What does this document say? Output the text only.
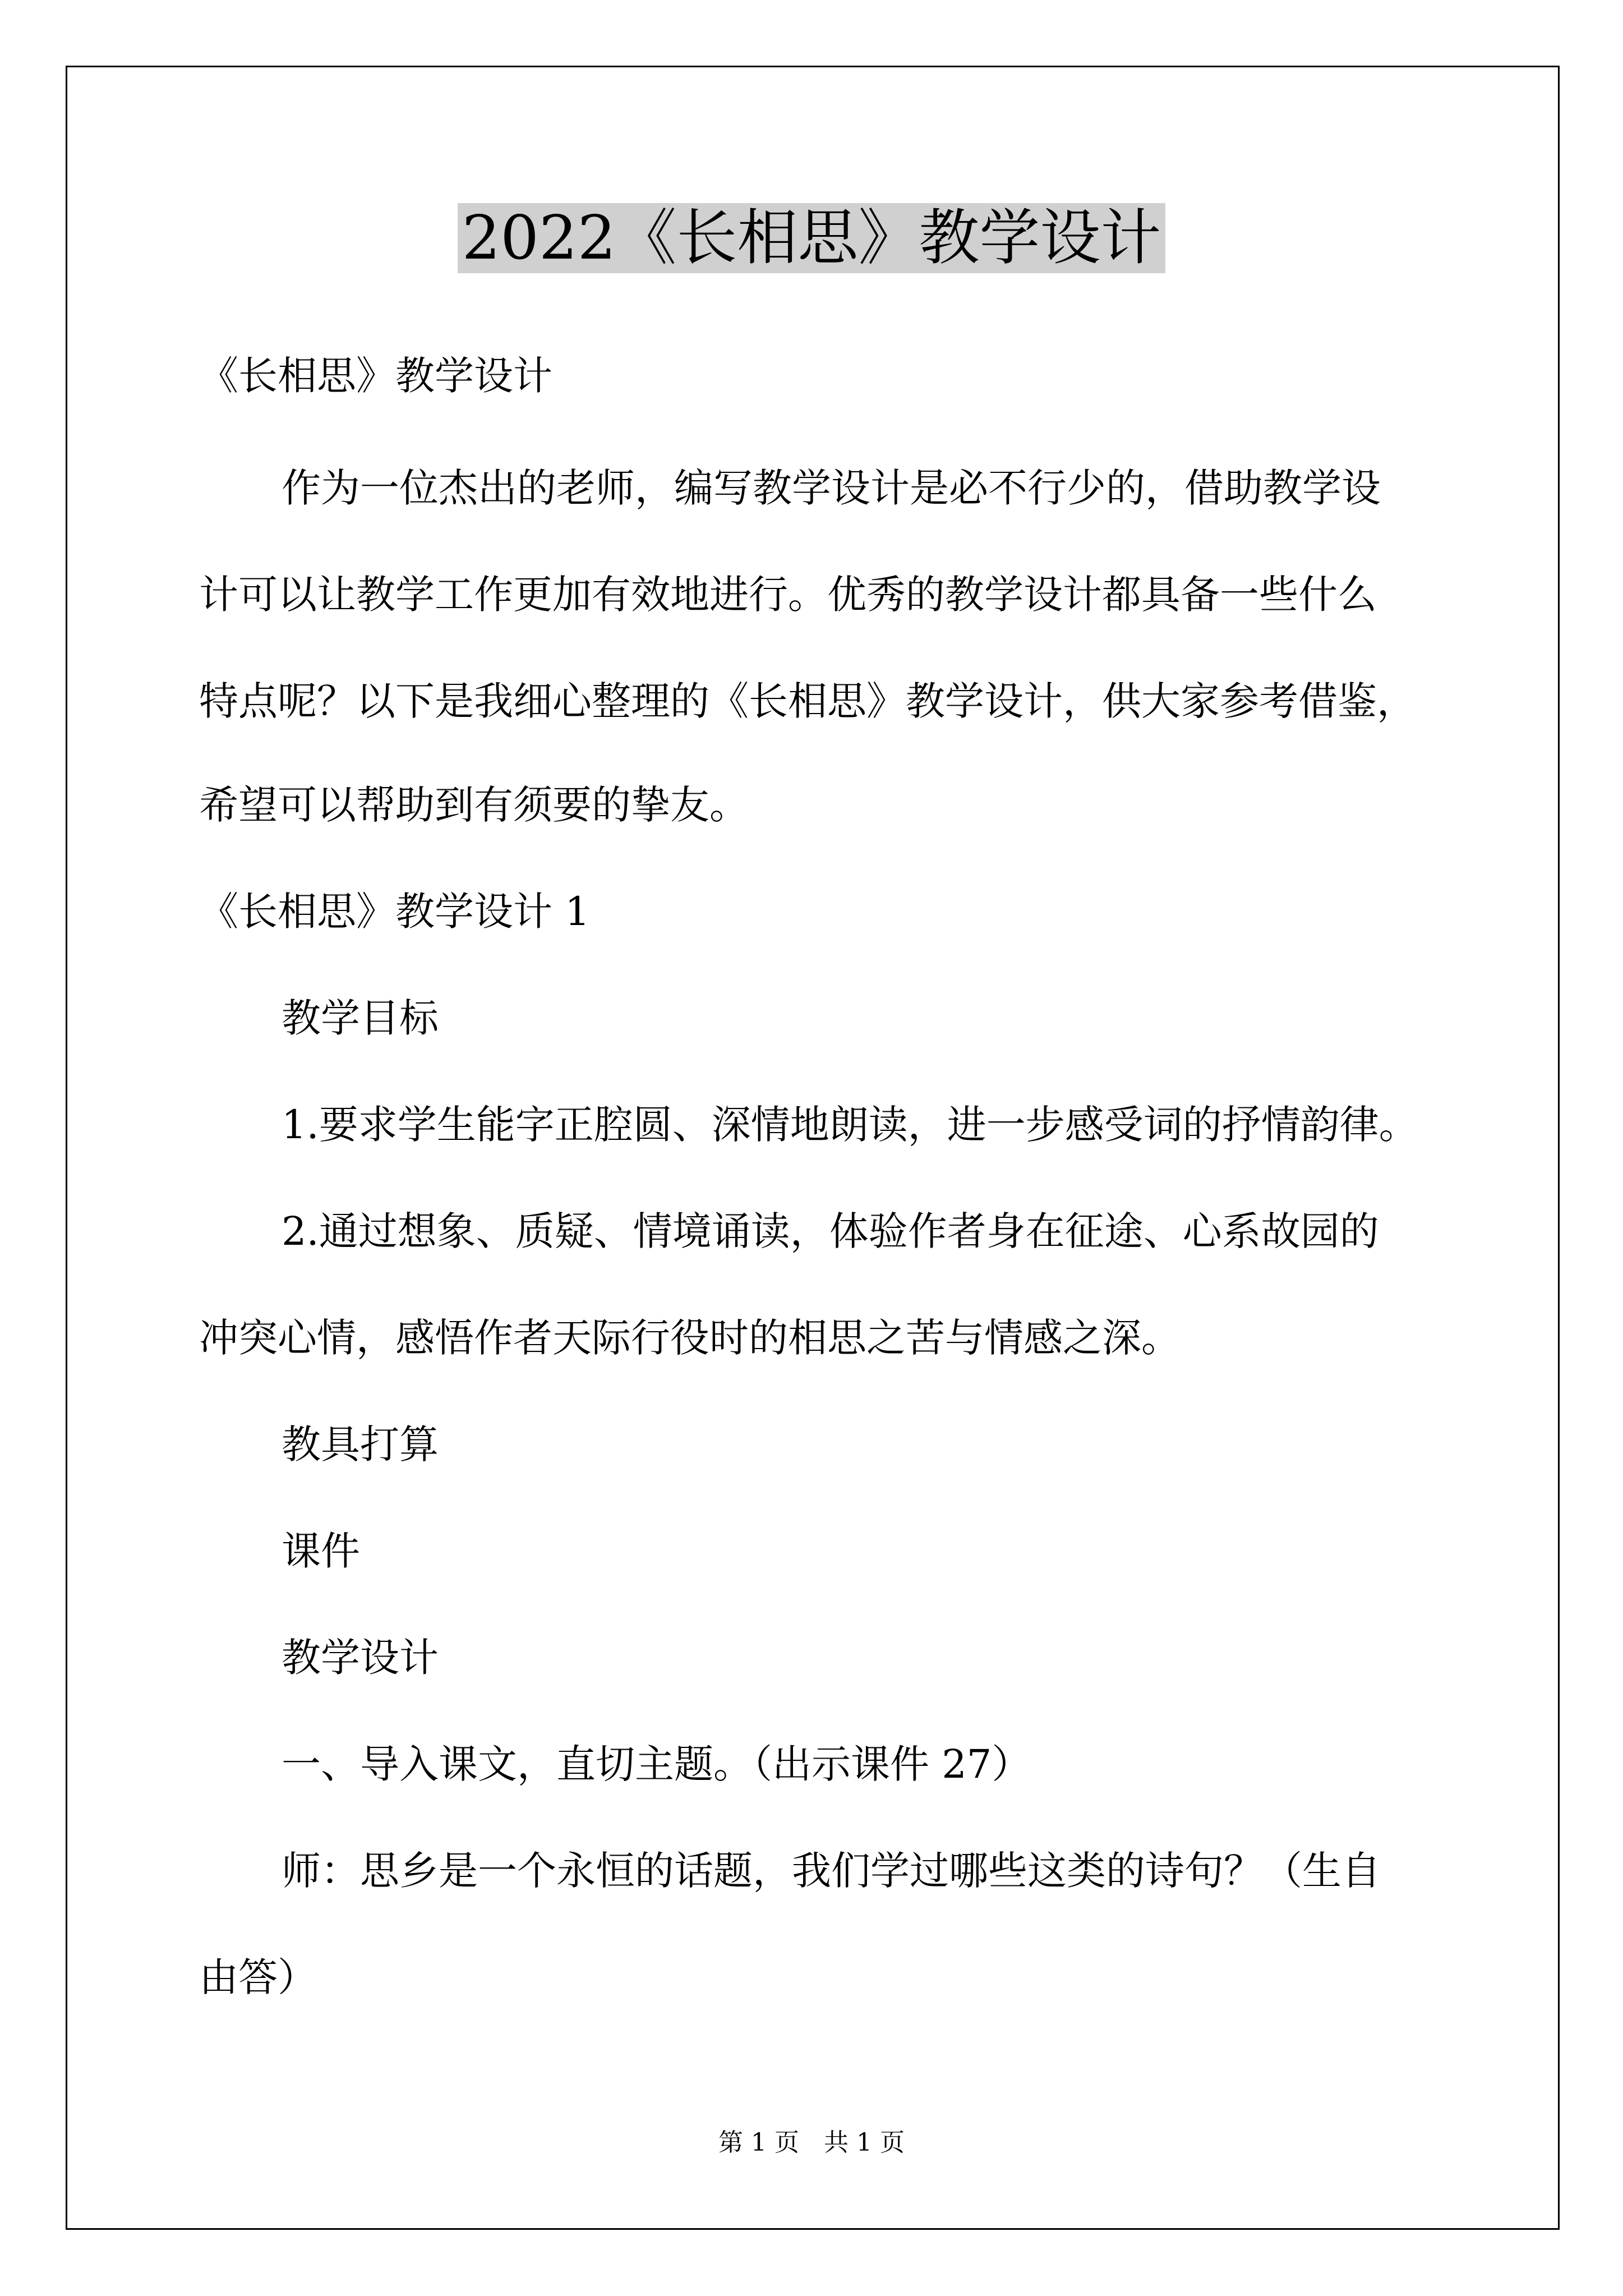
2022《长相思》教学设计

《长相思》教学设计

作为一位杰出的老师，编写教学设计是必不行少的，借助教学设

计可以让教学工作更加有效地进行。优秀的教学设计都具备一些什么

特点呢？以下是我细心整理的《长相思》教学设计，供大家参考借鉴，

希望可以帮助到有须要的挚友。

《长相思》教学设计 1

教学目标

1.要求学生能字正腔圆、深情地朗读，进一步感受词的抒情韵律。

2.通过想象、质疑、情境诵读，体验作者身在征途、心系故园的

冲突心情，感悟作者天际行役时的相思之苦与情感之深。

教具打算

课件

教学设计

一、导入课文，直切主题。（出示课件 27）

师：思乡是一个永恒的话题，我们学过哪些这类的诗句？（生自

由答）

第 1 页　共 1 页
